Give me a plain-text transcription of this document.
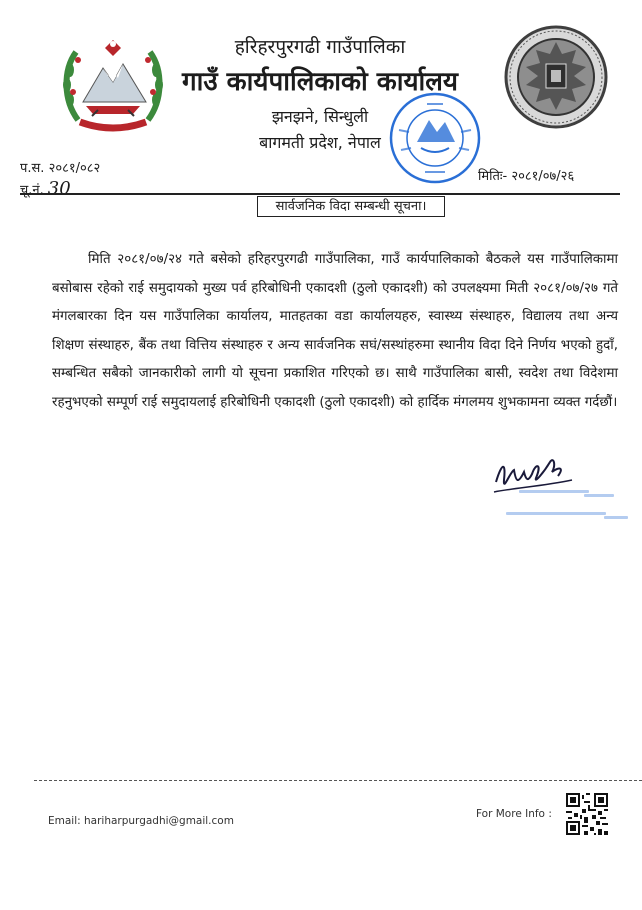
हरिहरपुरगढी गाउँपालिका
गाउँ कार्यपालिकाको कार्यालय
झनझने, सिन्धुली
बागमती प्रदेश, नेपाल
प.स. २०८१/०८२
चू.नं. 30
मितिः- २०८१/०७/२६
सार्वजनिक विदा सम्बन्धी सूचना।
मिति २०८१/०७/२४ गते बसेको हरिहरपुरगढी गाउँपालिका, गाउँ कार्यपालिकाको बैठकले यस गाउँपालिकामा बसोबास रहेको राई समुदायको मुख्य पर्व हरिबोधिनी एकादशी (ठुलो एकादशी) को उपलक्ष्यमा मिती २०८१/०७/२७ गते मंगलबारका दिन यस गाउँपालिका कार्यालय, मातहतका वडा कार्यालयहरु, स्वास्थ्य संस्थाहरु, विद्यालय तथा अन्य शिक्षण संस्थाहरु, बैंक तथा वित्तिय संस्थाहरु र अन्य सार्वजनिक सघं/सस्थांहरुमा स्थानीय विदा दिने निर्णय भएको हुदाँ, सम्बन्धित सबैको जानकारीको लागी यो सूचना प्रकाशित गरिएको छ। साथै गाउँपालिका बासी, स्वदेश तथा विदेशमा रहनुभएको सम्पूर्ण राई समुदायलाई हरिबोधिनी एकादशी (ठुलो एकादशी) को हार्दिक मंगलमय शुभकामना व्यक्त गर्दछौं।
Email: hariharpurgadhi@gmail.com
For More Info :
